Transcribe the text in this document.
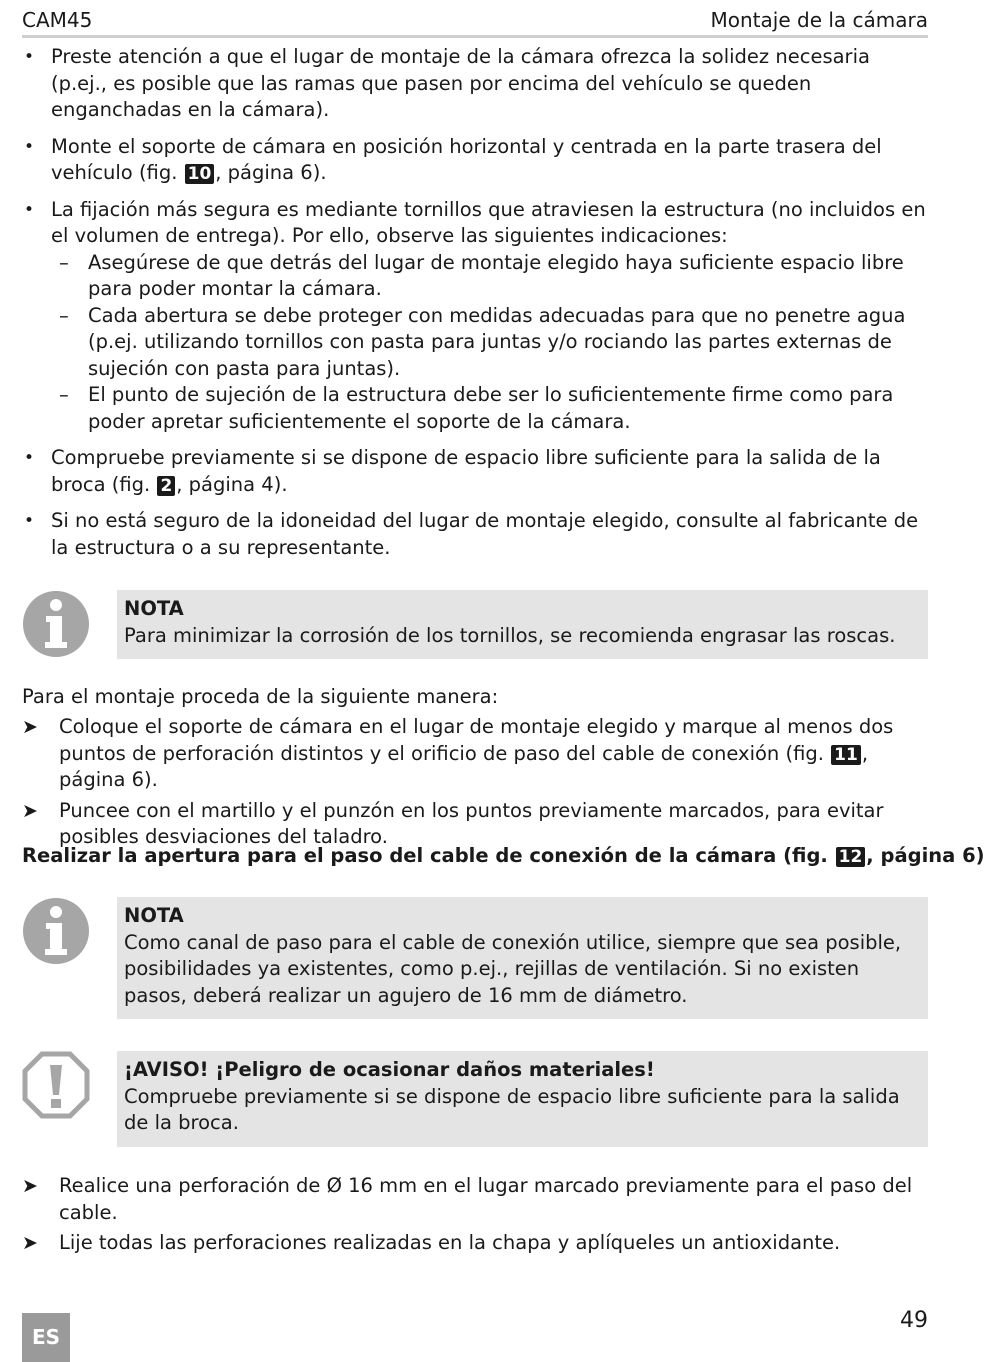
CAM45	Montaje de la cámara
• Preste atención a que el lugar de montaje de la cámara ofrezca la solidez necesaria (p.ej., es posible que las ramas que pasen por encima del vehículo se queden enganchadas en la cámara).
• Monte el soporte de cámara en posición horizontal y centrada en la parte trasera del vehículo (fig. 10 , página 6).
• La fijación más segura es mediante tornillos que atraviesen la estructura (no incluidos en el volumen de entrega). Por ello, observe las siguientes indicaciones:
– Asegúrese de que detrás del lugar de montaje elegido haya suficiente espacio libre para poder montar la cámara.
– Cada abertura se debe proteger con medidas adecuadas para que no penetre agua (p.ej. utilizando tornillos con pasta para juntas y/o rociando las partes externas de sujeción con pasta para juntas).
– El punto de sujeción de la estructura debe ser lo suficientemente firme como para poder apretar suficientemente el soporte de la cámara.
• Compruebe previamente si se dispone de espacio libre suficiente para la salida de la broca (fig. 2 , página 4).
• Si no está seguro de la idoneidad del lugar de montaje elegido, consulte al fabricante de la estructura o a su representante.
NOTA
Para minimizar la corrosión de los tornillos, se recomienda engrasar las roscas.
Para el montaje proceda de la siguiente manera:
➤ Coloque el soporte de cámara en el lugar de montaje elegido y marque al menos dos puntos de perforación distintos y el orificio de paso del cable de conexión (fig. 11 , página 6).
➤ Puncee con el martillo y el punzón en los puntos previamente marcados, para evitar posibles desviaciones del taladro.
Realizar la apertura para el paso del cable de conexión de la cámara (fig. 12 , página 6)
NOTA
Como canal de paso para el cable de conexión utilice, siempre que sea posible, posibilidades ya existentes, como p.ej., rejillas de ventilación. Si no existen pasos, deberá realizar un agujero de 16 mm de diámetro.
¡AVISO! ¡Peligro de ocasionar daños materiales!
Compruebe previamente si se dispone de espacio libre suficiente para la salida de la broca.
➤ Realice una perforación de Ø 16 mm en el lugar marcado previamente para el paso del cable.
➤ Lije todas las perforaciones realizadas en la chapa y aplíqueles un antioxidante.
ES
49
